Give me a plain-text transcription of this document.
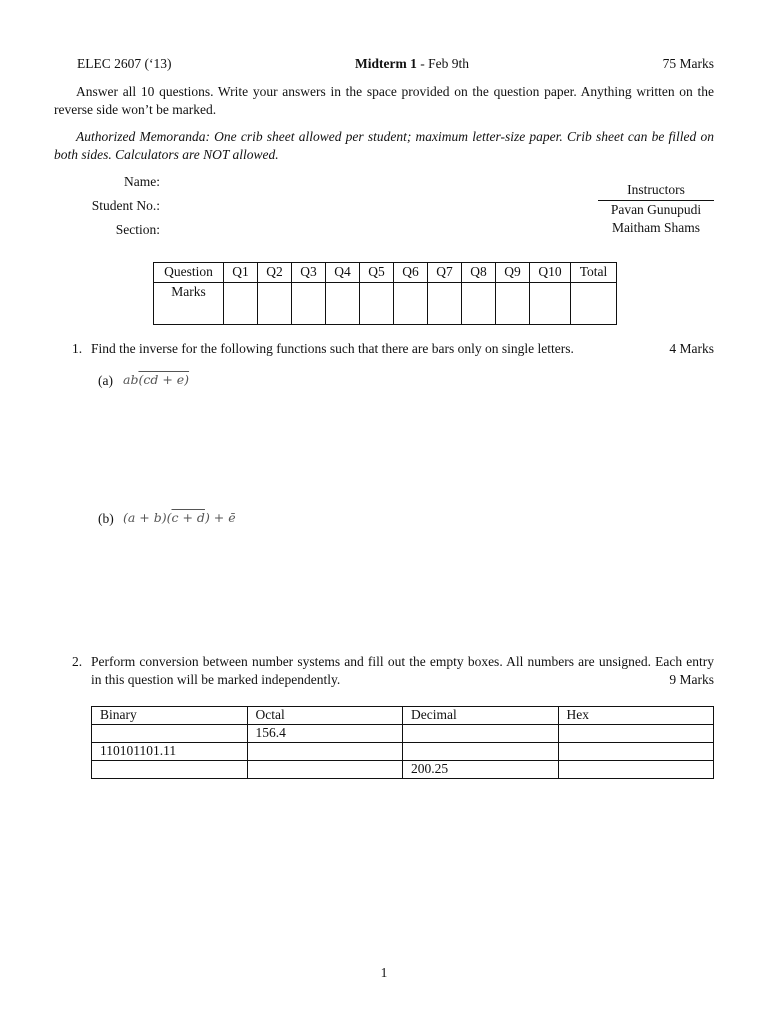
ELEC 2607 (‘13)	Midterm 1 - Feb 9th	75 Marks
Answer all 10 questions. Write your answers in the space provided on the question paper. Anything written on the reverse side won’t be marked.
Authorized Memoranda: One crib sheet allowed per student; maximum letter-size paper. Crib sheet can be filled on both sides. Calculators are NOT allowed.
Name:
Student No.:
Section:
Instructors
Pavan Gunupudi
Maitham Shams
Question	Q1	Q2	Q3	Q4	Q5	Q6	Q7	Q8	Q9	Q10	Total
Marks											
1. Find the inverse for the following functions such that there are bars only on single letters.	4 Marks
(a) ab(cd + e)
(b) (a + b)(c + d) + ē
2. Perform conversion between number systems and fill out the empty boxes. All numbers are unsigned. Each entry in this question will be marked independently.	9 Marks
Binary	Octal	Decimal	Hex
	156.4		
110101101.11			
		200.25	
1
